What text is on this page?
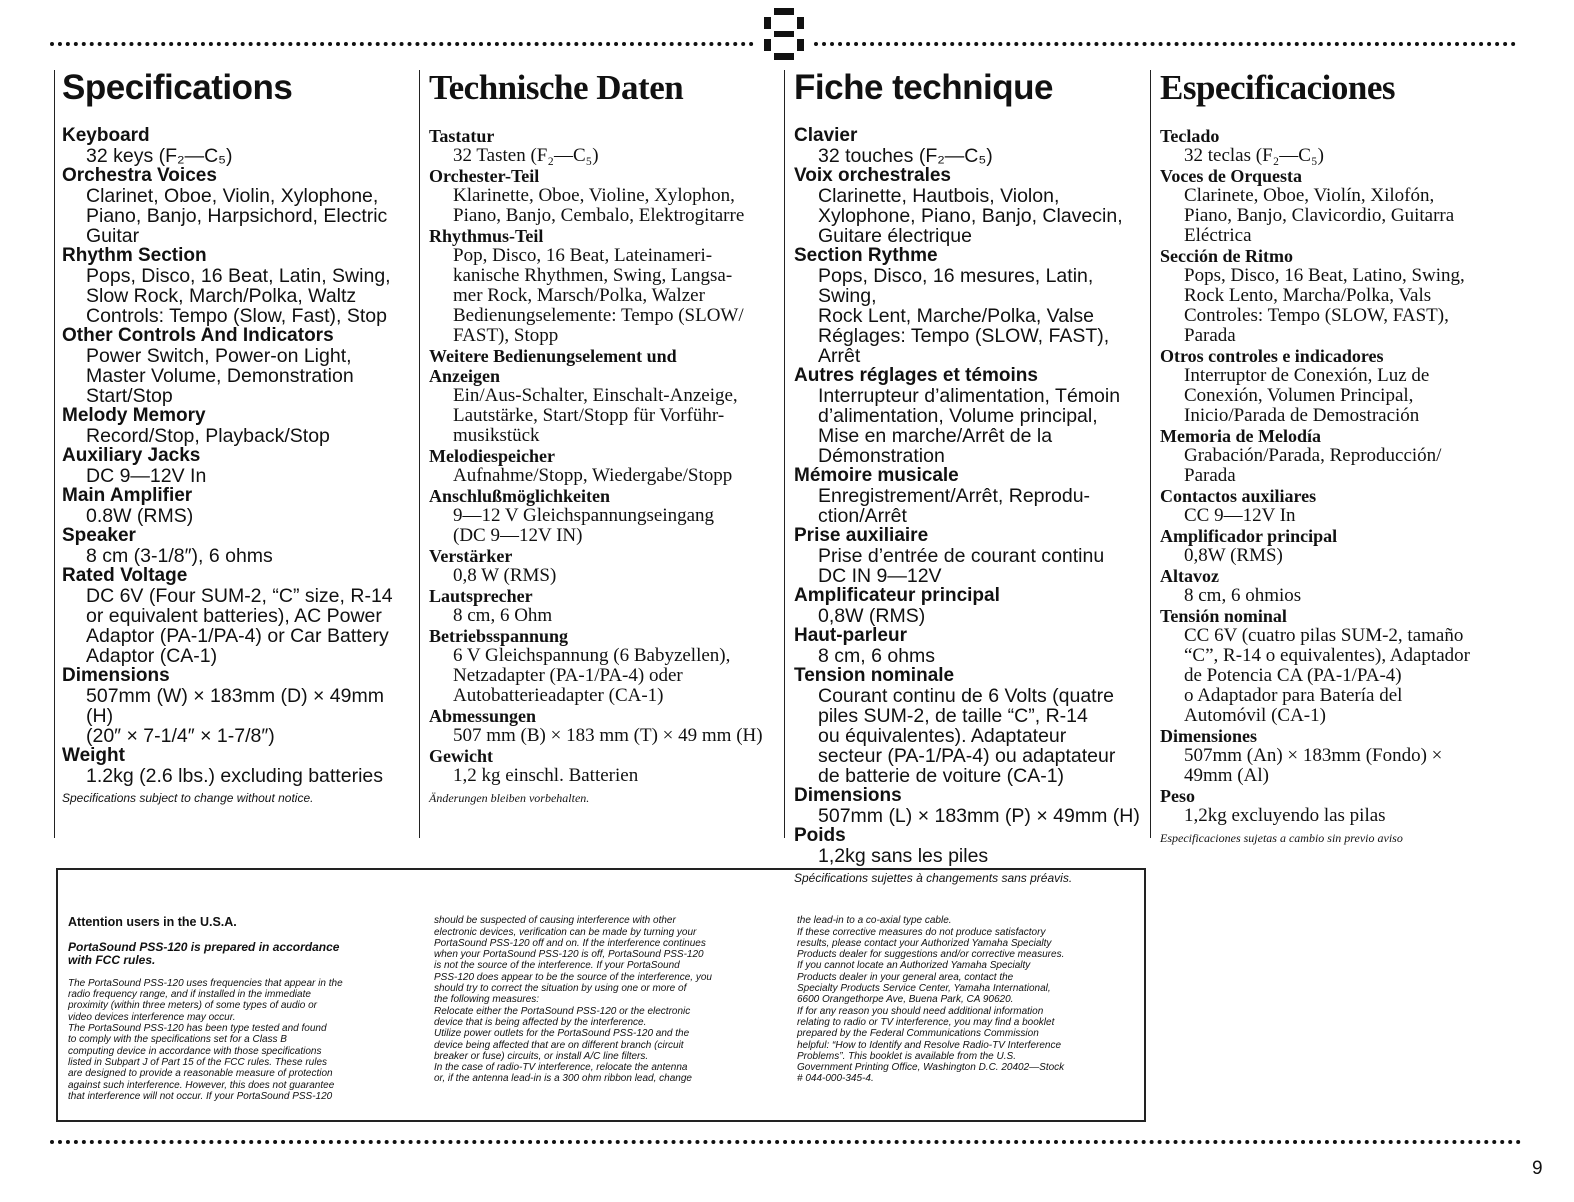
Specifications
Keyboard
32 keys (F₂—C₅)
Orchestra Voices
Clarinet, Oboe, Violin, Xylophone,
Piano, Banjo, Harpsichord, Electric
Guitar
Rhythm Section
Pops, Disco, 16 Beat, Latin, Swing,
Slow Rock, March/Polka, Waltz
Controls: Tempo (Slow, Fast), Stop
Other Controls And Indicators
Power Switch, Power-on Light,
Master Volume, Demonstration
Start/Stop
Melody Memory
Record/Stop, Playback/Stop
Auxiliary Jacks
DC 9—12V In
Main Amplifier
0.8W (RMS)
Speaker
8 cm (3-1/8″), 6 ohms
Rated Voltage
DC 6V (Four SUM-2, “C” size, R-14
or equivalent batteries), AC Power
Adaptor (PA-1/PA-4) or Car Battery
Adaptor (CA-1)
Dimensions
507mm (W) × 183mm (D) × 49mm (H)
(20″ × 7-1/4″ × 1-7/8″)
Weight
1.2kg (2.6 lbs.) excluding batteries
Specifications subject to change without notice.
Technische Daten
Tastatur
32 Tasten (F₂—C₅)
Orchester-Teil
Klarinette, Oboe, Violine, Xylophon,
Piano, Banjo, Cembalo, Elektrogitarre
Rhythmus-Teil
Pop, Disco, 16 Beat, Lateinameri-
kanische Rhythmen, Swing, Langsa-
mer Rock, Marsch/Polka, Walzer
Bedienungselemente: Tempo (SLOW/
FAST), Stopp
Weitere Bedienungselement und
Anzeigen
Ein/Aus-Schalter, Einschalt-Anzeige,
Lautstärke, Start/Stopp für Vorführ-
musikstück
Melodiespeicher
Aufnahme/Stopp, Wiedergabe/Stopp
Anschlußmöglichkeiten
9—12 V Gleichspannungseingang
(DC 9—12V IN)
Verstärker
0,8 W (RMS)
Lautsprecher
8 cm, 6 Ohm
Betriebsspannung
6 V Gleichspannung (6 Babyzellen),
Netzadapter (PA-1/PA-4) oder
Autobatterieadapter (CA-1)
Abmessungen
507 mm (B) × 183 mm (T) × 49 mm (H)
Gewicht
1,2 kg einschl. Batterien
Änderungen bleiben vorbehalten.
Fiche technique
Clavier
32 touches (F₂—C₅)
Voix orchestrales
Clarinette, Hautbois, Violon,
Xylophone, Piano, Banjo, Clavecin,
Guitare électrique
Section Rythme
Pops, Disco, 16 mesures, Latin, Swing,
Rock Lent, Marche/Polka, Valse
Réglages: Tempo (SLOW, FAST), Arrêt
Autres réglages et témoins
Interrupteur d’alimentation, Témoin
d’alimentation, Volume principal,
Mise en marche/Arrêt de la
Démonstration
Mémoire musicale
Enregistrement/Arrêt, Reprodu-
ction/Arrêt
Prise auxiliaire
Prise d’entrée de courant continu
DC IN 9—12V
Amplificateur principal
0,8W (RMS)
Haut-parleur
8 cm, 6 ohms
Tension nominale
Courant continu de 6 Volts (quatre
piles SUM-2, de taille “C”, R-14
ou équivalentes). Adaptateur
secteur (PA-1/PA-4) ou adaptateur
de batterie de voiture (CA-1)
Dimensions
507mm (L) × 183mm (P) × 49mm (H)
Poids
1,2kg sans les piles
Spécifications sujettes à changements sans préavis.
Especificaciones
Teclado
32 teclas (F₂—C₅)
Voces de Orquesta
Clarinete, Oboe, Violín, Xilofón,
Piano, Banjo, Clavicordio, Guitarra
Eléctrica
Sección de Ritmo
Pops, Disco, 16 Beat, Latino, Swing,
Rock Lento, Marcha/Polka, Vals
Controles: Tempo (SLOW, FAST),
Parada
Otros controles e indicadores
Interruptor de Conexión, Luz de
Conexión, Volumen Principal,
Inicio/Parada de Demostración
Memoria de Melodía
Grabación/Parada, Reproducción/
Parada
Contactos auxiliares
CC 9—12V In
Amplificador principal
0,8W (RMS)
Altavoz
8 cm, 6 ohmios
Tensión nominal
CC 6V (cuatro pilas SUM-2, tamaño
“C”, R-14 o equivalentes), Adaptador
de Potencia CA (PA-1/PA-4)
o Adaptador para Batería del
Automóvil (CA-1)
Dimensiones
507mm (An) × 183mm (Fondo) ×
49mm (Al)
Peso
1,2kg excluyendo las pilas
Especificaciones sujetas a cambio sin previo aviso

Attention users in the U.S.A.

PortaSound PSS-120 is prepared in accordance
with FCC rules.

The PortaSound PSS-120 uses frequencies that appear in the
radio frequency range, and if installed in the immediate
proximity (within three meters) of some types of audio or
video devices interference may occur.
The PortaSound PSS-120 has been type tested and found
to comply with the specifications set for a Class B
computing device in accordance with those specifications
listed in Subpart J of Part 15 of the FCC rules. These rules
are designed to provide a reasonable measure of protection
against such interference. However, this does not guarantee
that interference will not occur. If your PortaSound PSS-120

should be suspected of causing interference with other
electronic devices, verification can be made by turning your
PortaSound PSS-120 off and on. If the interference continues
when your PortaSound PSS-120 is off, PortaSound PSS-120
is not the source of the interference. If your PortaSound
PSS-120 does appear to be the source of the interference, you
should try to correct the situation by using one or more of
the following measures:
Relocate either the PortaSound PSS-120 or the electronic
device that is being affected by the interference.
Utilize power outlets for the PortaSound PSS-120 and the
device being affected that are on different branch (circuit
breaker or fuse) circuits, or install A/C line filters.
In the case of radio-TV interference, relocate the antenna
or, if the antenna lead-in is a 300 ohm ribbon lead, change

the lead-in to a co-axial type cable.
If these corrective measures do not produce satisfactory
results, please contact your Authorized Yamaha Specialty
Products dealer for suggestions and/or corrective measures.
If you cannot locate an Authorized Yamaha Specialty
Products dealer in your general area, contact the
Specialty Products Service Center, Yamaha International,
6600 Orangethorpe Ave, Buena Park, CA 90620.
If for any reason you should need additional information
relating to radio or TV interference, you may find a booklet
prepared by the Federal Communications Commission
helpful: “How to Identify and Resolve Radio-TV Interference
Problems”. This booklet is available from the U.S.
Government Printing Office, Washington D.C. 20402—Stock
# 044-000-345-4.

9
